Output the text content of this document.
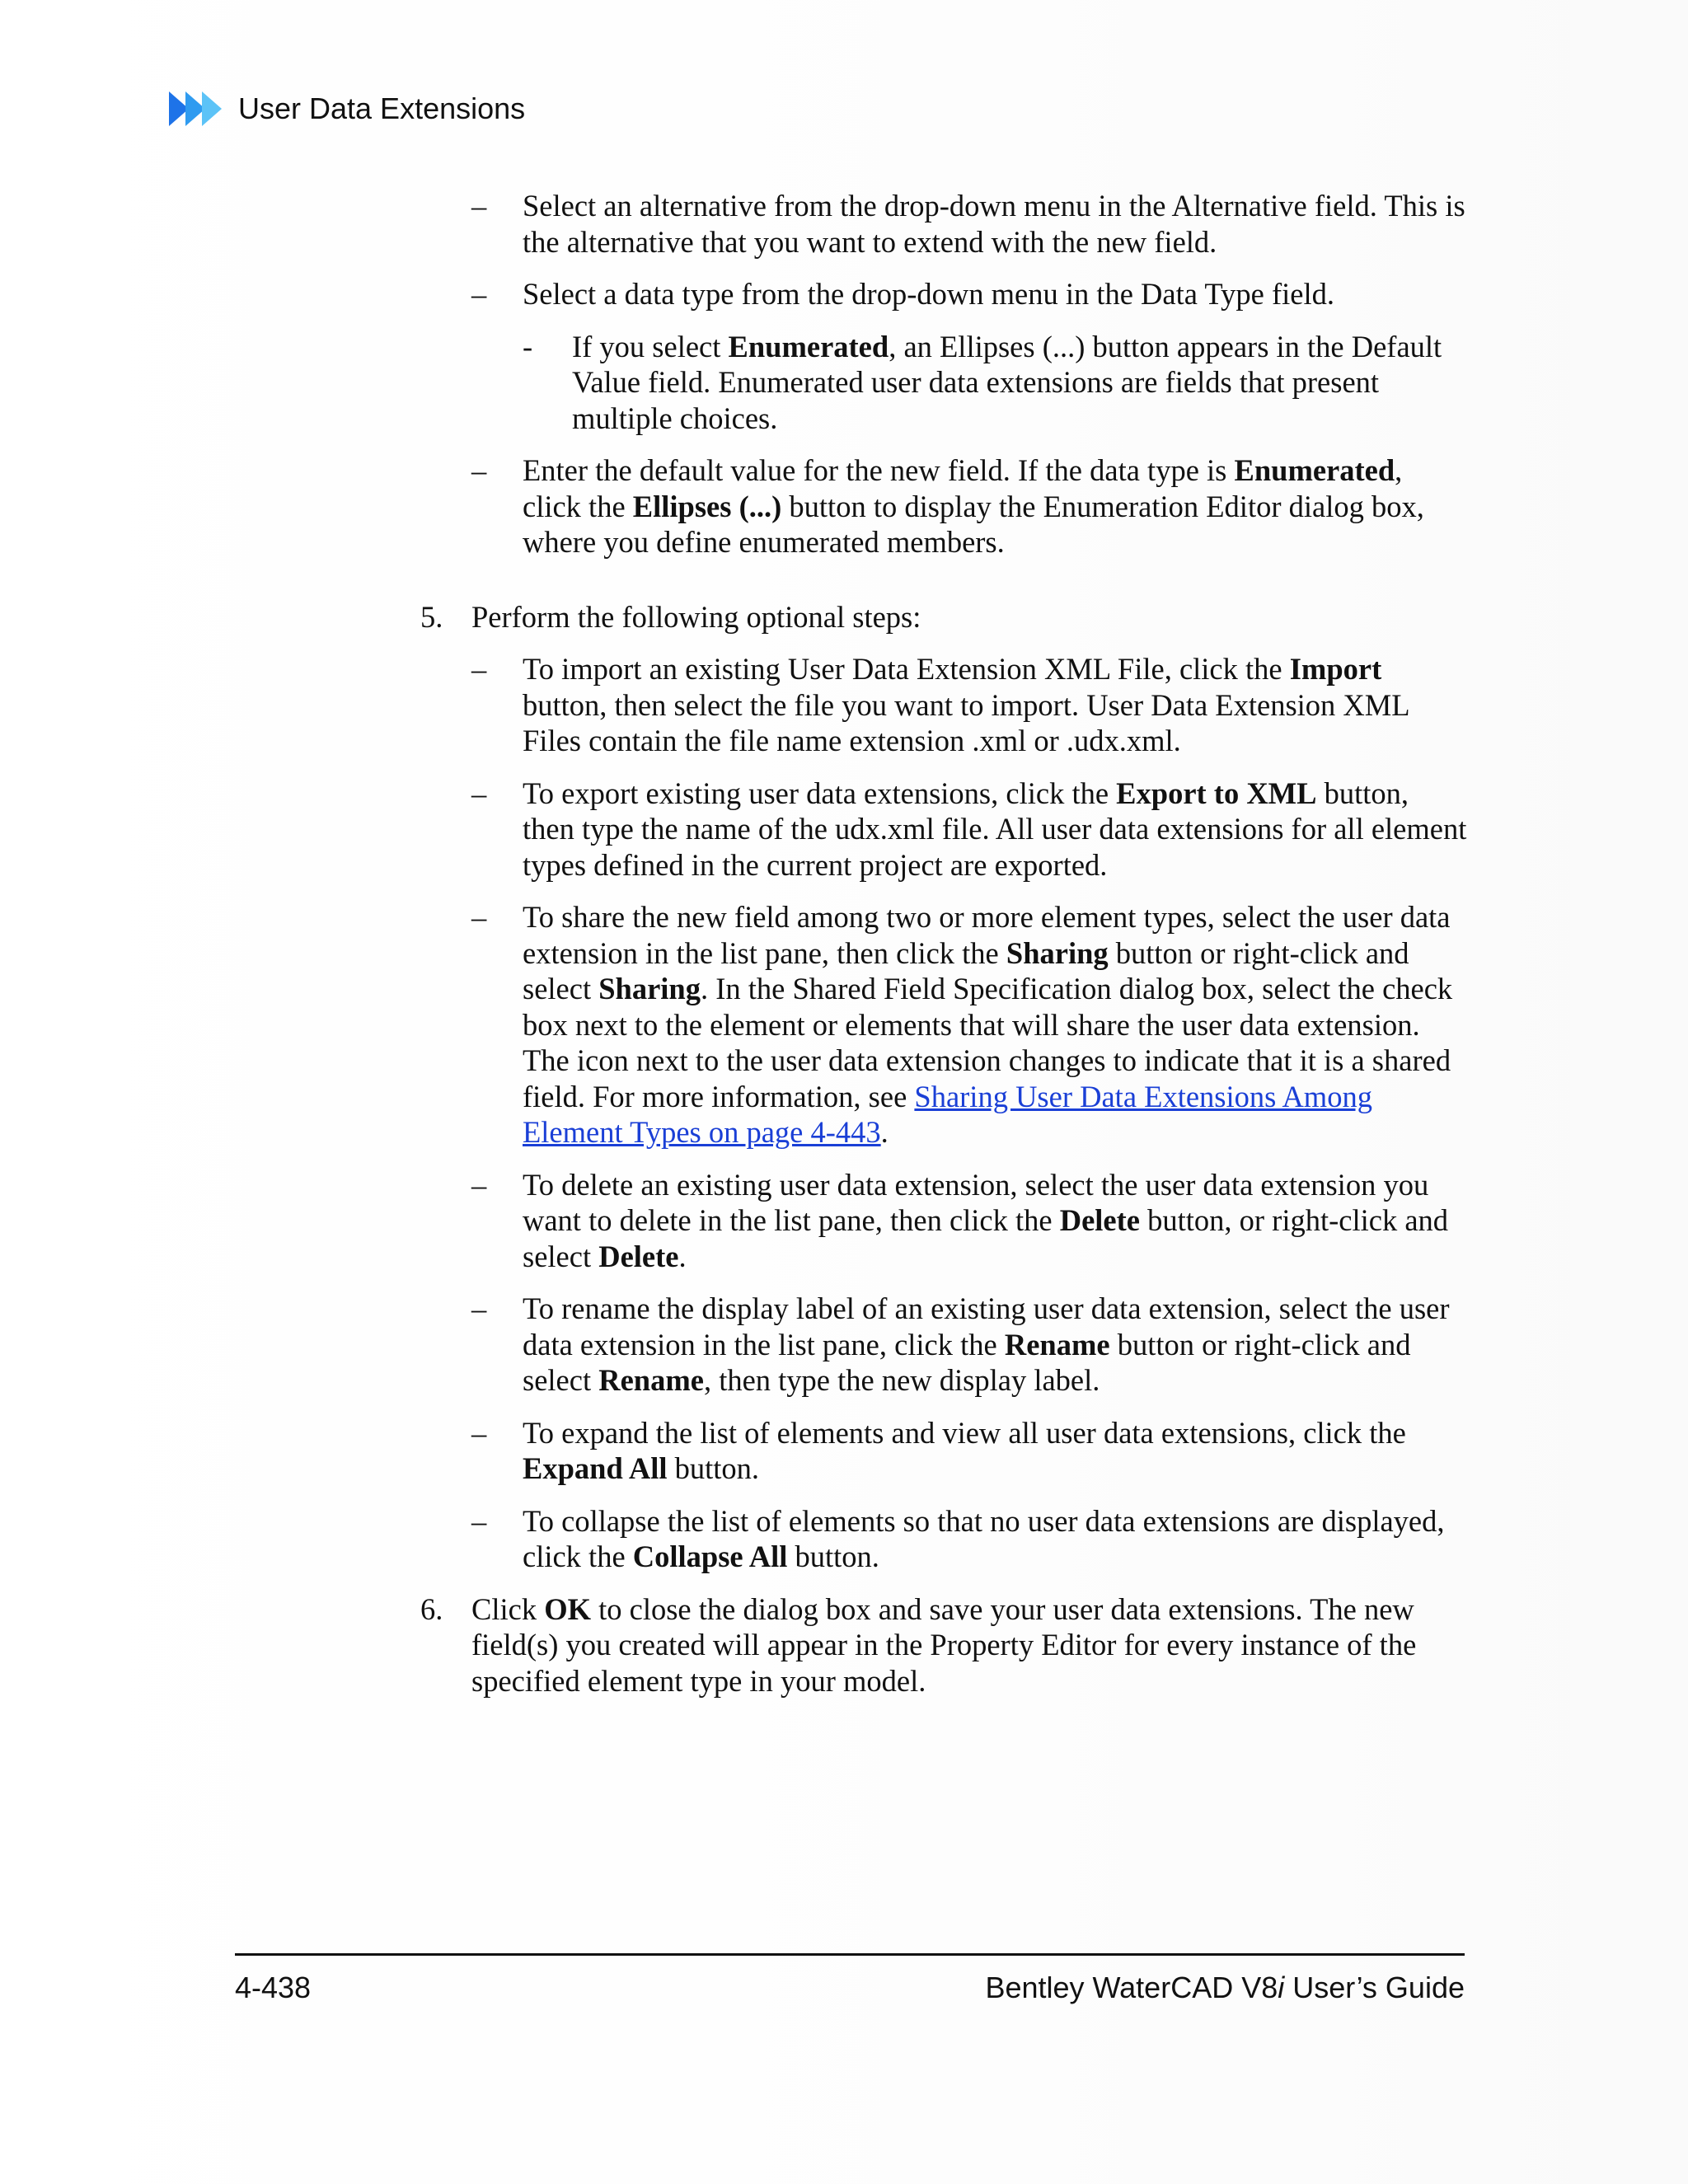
User Data Extensions

– Select an alternative from the drop-down menu in the Alternative field. This is the alternative that you want to extend with the new field.

– Select a data type from the drop-down menu in the Data Type field.

- If you select Enumerated, an Ellipses (...) button appears in the Default Value field. Enumerated user data extensions are fields that present multiple choices.

– Enter the default value for the new field. If the data type is Enumerated, click the Ellipses (...) button to display the Enumeration Editor dialog box, where you define enumerated members.

5. Perform the following optional steps:

– To import an existing User Data Extension XML File, click the Import button, then select the file you want to import. User Data Extension XML Files contain the file name extension .xml or .udx.xml.

– To export existing user data extensions, click the Export to XML button, then type the name of the udx.xml file. All user data extensions for all element types defined in the current project are exported.

– To share the new field among two or more element types, select the user data extension in the list pane, then click the Sharing button or right-click and select Sharing. In the Shared Field Specification dialog box, select the check box next to the element or elements that will share the user data extension. The icon next to the user data extension changes to indicate that it is a shared field. For more information, see Sharing User Data Extensions Among Element Types on page 4-443.

– To delete an existing user data extension, select the user data extension you want to delete in the list pane, then click the Delete button, or right-click and select Delete.

– To rename the display label of an existing user data extension, select the user data extension in the list pane, click the Rename button or right-click and select Rename, then type the new display label.

– To expand the list of elements and view all user data extensions, click the Expand All button.

– To collapse the list of elements so that no user data extensions are displayed, click the Collapse All button.

6. Click OK to close the dialog box and save your user data extensions. The new field(s) you created will appear in the Property Editor for every instance of the specified element type in your model.

4-438	Bentley WaterCAD V8i User’s Guide
